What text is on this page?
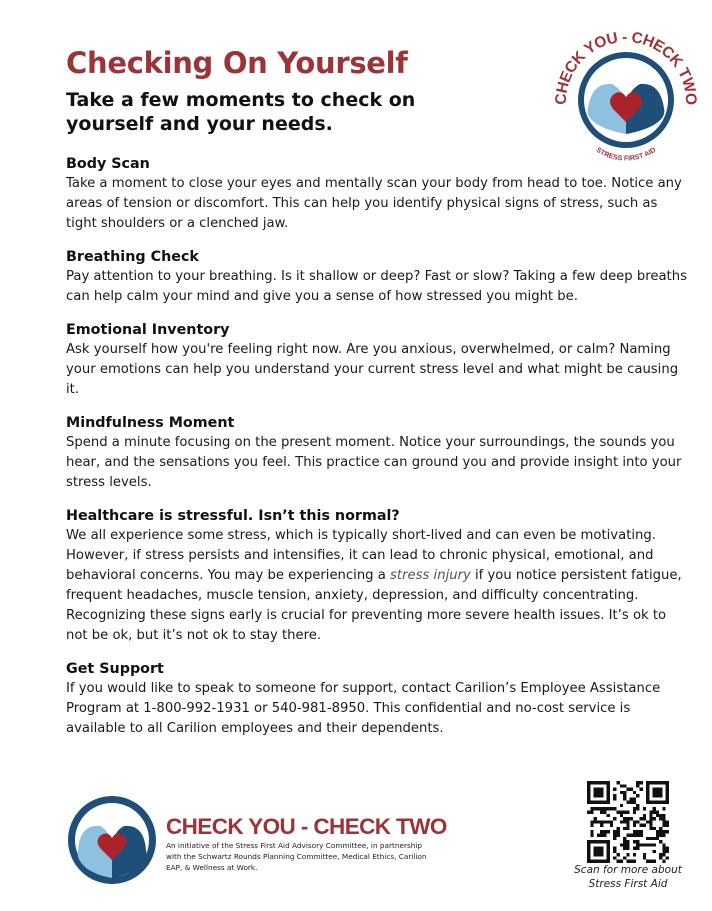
Checking On Yourself
Take a few moments to check on yourself and your needs.
CHECK YOU - CHECK TWO
STRESS FIRST AID
Body Scan

Take a moment to close your eyes and mentally scan your body from head to toe. Notice any areas of tension or discomfort. This can help you identify physical signs of stress, such as tight shoulders or a clenched jaw.

Breathing Check

Pay attention to your breathing. Is it shallow or deep? Fast or slow? Taking a few deep breaths can help calm your mind and give you a sense of how stressed you might be.

Emotional Inventory

Ask yourself how you're feeling right now. Are you anxious, overwhelmed, or calm? Naming your emotions can help you understand your current stress level and what might be causing it.

Mindfulness Moment

Spend a minute focusing on the present moment. Notice your surroundings, the sounds you hear, and the sensations you feel. This practice can ground you and provide insight into your stress levels.

Healthcare is stressful. Isn’t this normal?

We all experience some stress, which is typically short-lived and can even be motivating. However, if stress persists and intensifies, it can lead to chronic physical, emotional, and behavioral concerns. You may be experiencing a stress injury if you notice persistent fatigue, frequent headaches, muscle tension, anxiety, depression, and difficulty concentrating. Recognizing these signs early is crucial for preventing more severe health issues. It’s ok to not be ok, but it’s not ok to stay there.

Get Support

If you would like to speak to someone for support, contact Carilion’s Employee Assistance Program at 1-800-992-1931 or 540-981-8950. This confidential and no-cost service is available to all Carilion employees and their dependents.

CHECK YOU - CHECK TWO

An initiative of the Stress First Aid Advisory Committee, in partnership with the Schwartz Rounds Planning Committee, Medical Ethics, Carilion EAP, & Wellness at Work.	Scan for more about Stress First Aid
